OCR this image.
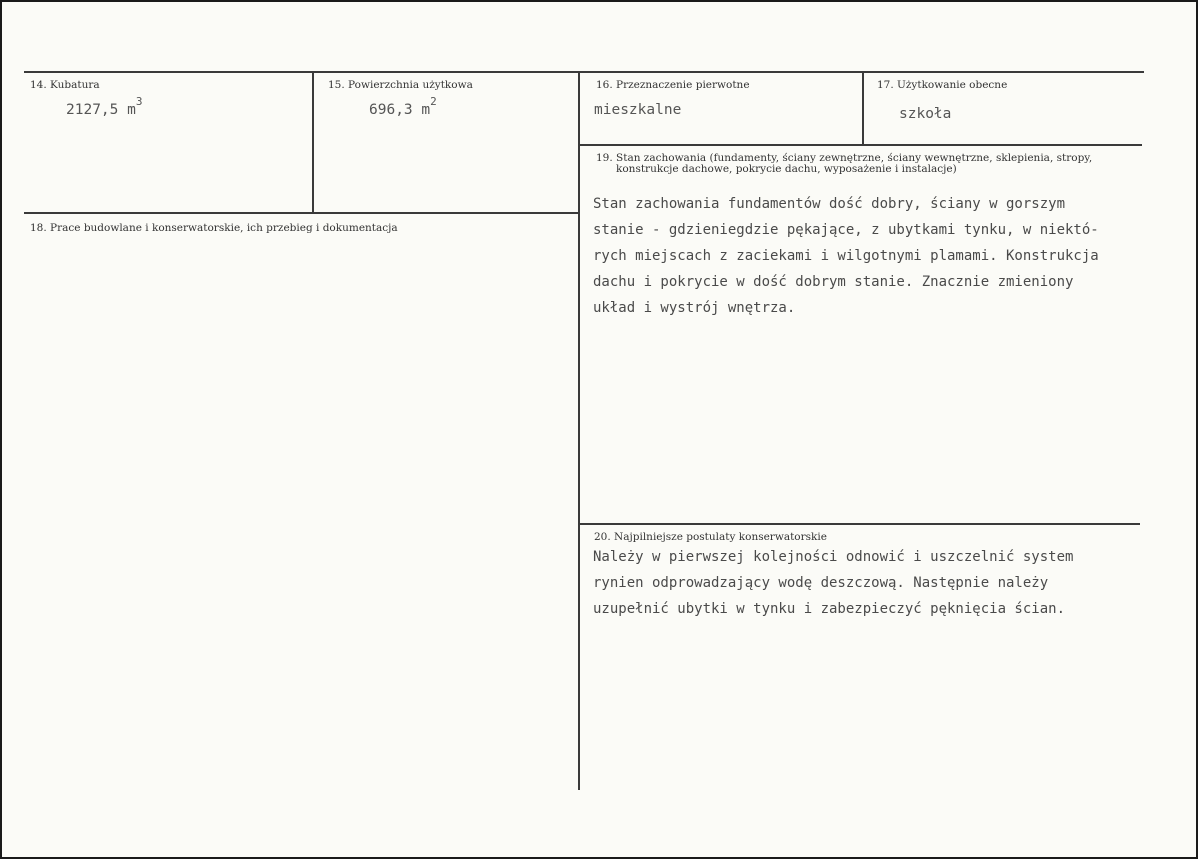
14. Kubatura
2127,5 $m^3$
15. Powierzchnia użytkowa
696,3 $m^2$
16. Przeznaczenie pierwotne
mieszkalne
17. Użytkowanie obecne
szkoła
18. Prace budowlane i konserwatorskie, ich przebieg i dokumentacja
19. Stan zachowania (fundamenty, ściany zewnętrzne, ściany wewnętrzne, sklepienia, stropy,
konstrukcje dachowe, pokrycie dachu, wyposażenie i instalacje)
Stan zachowania fundamentów dość dobry, ściany w gorszym
stanie - gdzieniegdzie pękające, z ubytkami tynku, w niektó-
rych miejscach z zaciekami i wilgotnymi plamami. Konstrukcja
dachu i pokrycie w dość dobrym stanie. Znacznie zmieniony
układ i wystrój wnętrza.
20. Najpilniejsze postulaty konserwatorskie
Należy w pierwszej kolejności odnowić i uszczelnić system
rynien odprowadzający wodę deszczową. Następnie należy
uzupełnić ubytki w tynku i zabezpieczyć pęknięcia ścian.
